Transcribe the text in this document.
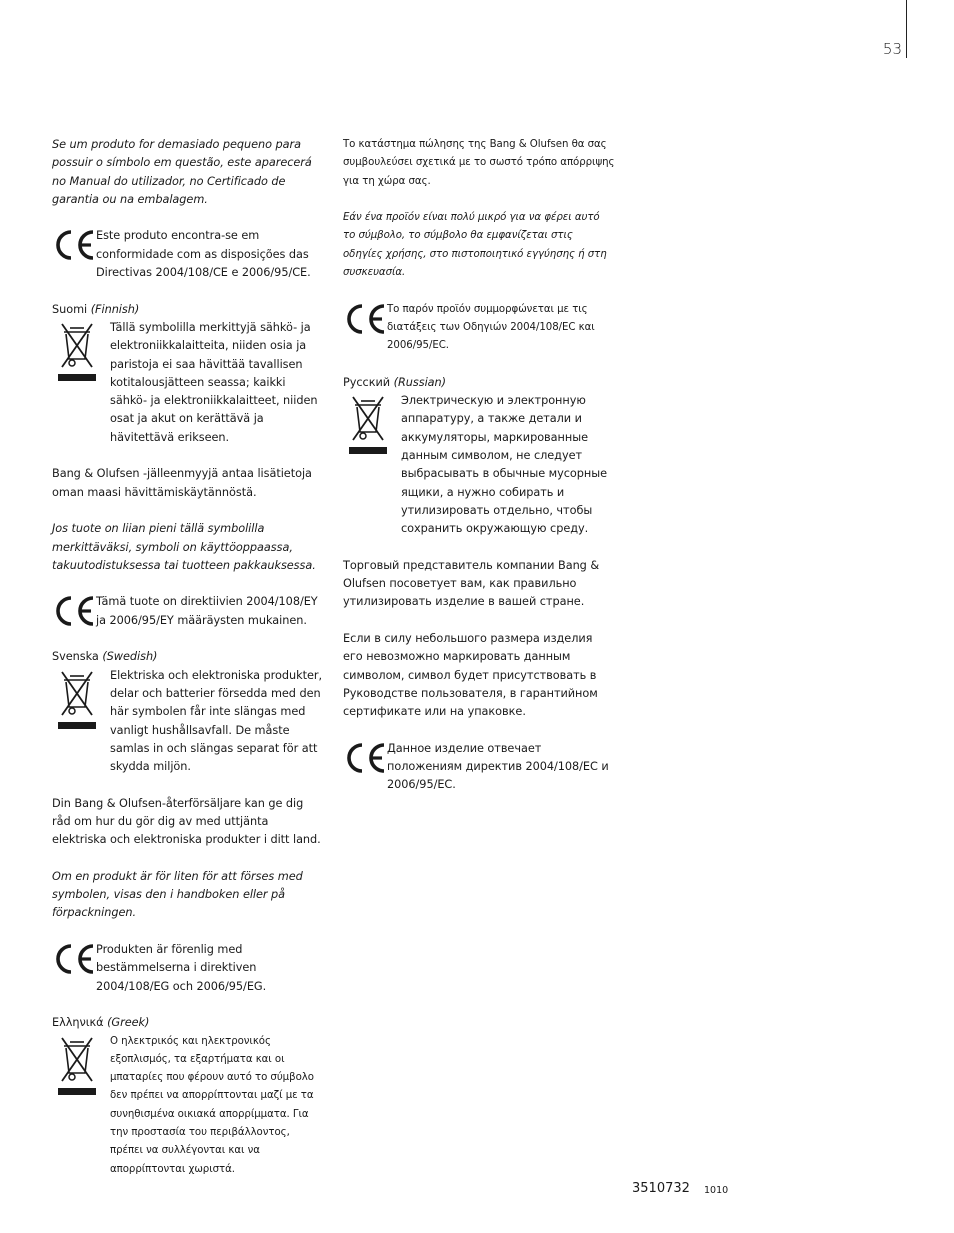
53

Se um produto for demasiado pequeno para possuir o símbolo em questão, este aparecerá no Manual do utilizador, no Certificado de garantia ou na embalagem.

Este produto encontra-se em conformidade com as disposições das Directivas 2004/108/CE e 2006/95/CE.

Suomi (Finnish)

Tällä symbolilla merkittyjä sähkö- ja elektroniikkalaitteita, niiden osia ja paristoja ei saa hävittää tavallisen kotitalousjätteen seassa; kaikki sähkö- ja elektroniikkalaitteet, niiden osat ja akut on kerättävä ja hävitettävä erikseen.

Bang & Olufsen -jälleenmyyjä antaa lisätietoja oman maasi hävittämiskäytännöstä.

Jos tuote on liian pieni tällä symbolilla merkittäväksi, symboli on käyttöoppaassa, takuutodistuksessa tai tuotteen pakkauksessa.

Tämä tuote on direktiivien 2004/108/EY ja 2006/95/EY määräysten mukainen.

Svenska (Swedish)

Elektriska och elektroniska produkter, delar och batterier försedda med den här symbolen får inte slängas med vanligt hushållsavfall. De måste samlas in och slängas separat för att skydda miljön.

Din Bang & Olufsen-återförsäljare kan ge dig råd om hur du gör dig av med uttjänta elektriska och elektroniska produkter i ditt land.

Om en produkt är för liten för att förses med symbolen, visas den i handboken eller på förpackningen.

Produkten är förenlig med bestämmelserna i direktiven 2004/108/EG och 2006/95/EG.

Ελληνικά (Greek)

Ο ηλεκτρικός και ηλεκτρονικός εξοπλισμός, τα εξαρτήματα και οι μπαταρίες που φέρουν αυτό το σύμβολο δεν πρέπει να απορρίπτονται μαζί με τα συνηθισμένα οικιακά απορρίμματα. Για την προστασία του περιβάλλοντος, πρέπει να συλλέγονται και να απορρίπτονται χωριστά.

Το κατάστημα πώλησης της Bang & Olufsen θα σας συμβουλεύσει σχετικά με το σωστό τρόπο απόρριψης για τη χώρα σας.

Εάν ένα προϊόν είναι πολύ μικρό για να φέρει αυτό το σύμβολο, το σύμβολο θα εμφανίζεται στις οδηγίες χρήσης, στο πιστοποιητικό εγγύησης ή στη συσκευασία.

Το παρόν προϊόν συμμορφώνεται με τις διατάξεις των Οδηγιών 2004/108/EC και 2006/95/EC.

Русский (Russian)

Электрическую и электронную аппаратуру, а также детали и аккумуляторы, маркированные данным символом, не следует выбрасывать в обычные мусорные ящики, а нужно собирать и утилизировать отдельно, чтобы сохранить окружающую среду.

Торговый представитель компании Bang & Olufsen посоветует вам, как правильно утилизировать изделие в вашей стране.

Если в силу небольшого размера изделия его невозможно маркировать данным символом, символ будет присутствовать в Руководстве пользователя, в гарантийном сертификате или на упаковке.

Данное изделие отвечает положениям директив 2004/108/EC и 2006/95/EC.

3510732 1010
